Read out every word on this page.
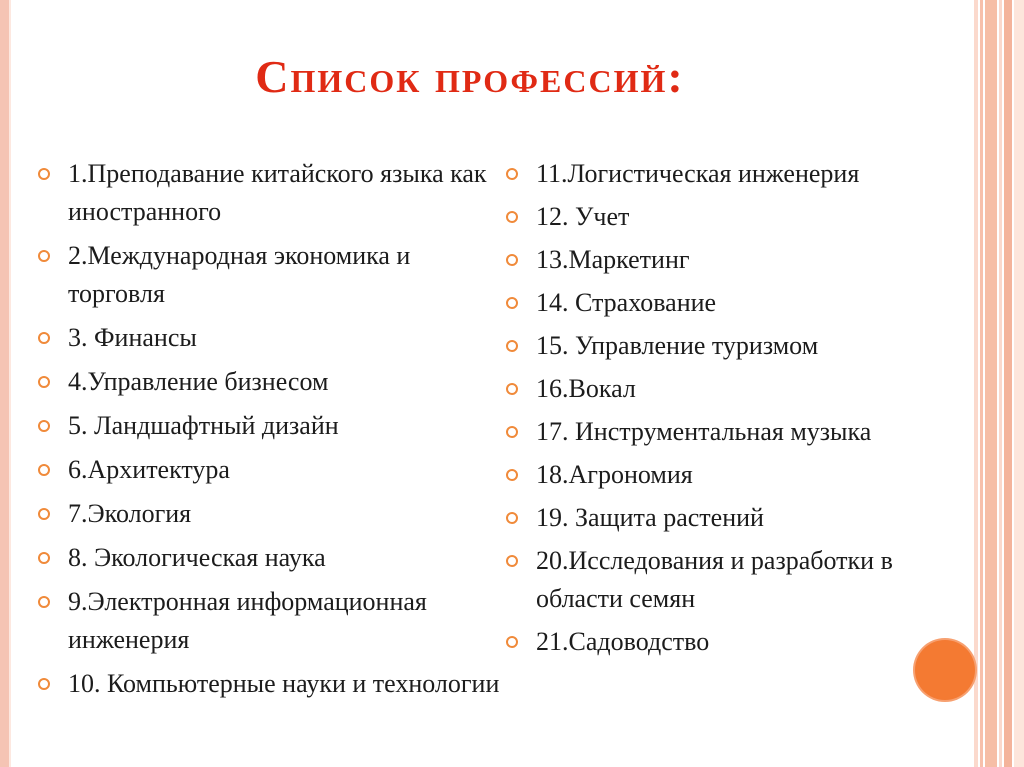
Список профессий:
1.Преподавание китайского языка как иностранного
2.Международная экономика и торговля
3. Финансы
4.Управление бизнесом
5. Ландшафтный дизайн
6.Архитектура
7.Экология
8. Экологическая наука
9.Электронная информационная инженерия
10. Компьютерные науки и технологии
11.Логистическая инженерия
12. Учет
13.Маркетинг
14. Страхование
15. Управление туризмом
16.Вокал
17. Инструментальная музыка
18.Агрономия
19. Защита растений
20.Исследования и разработки в области семян
21.Садоводство
